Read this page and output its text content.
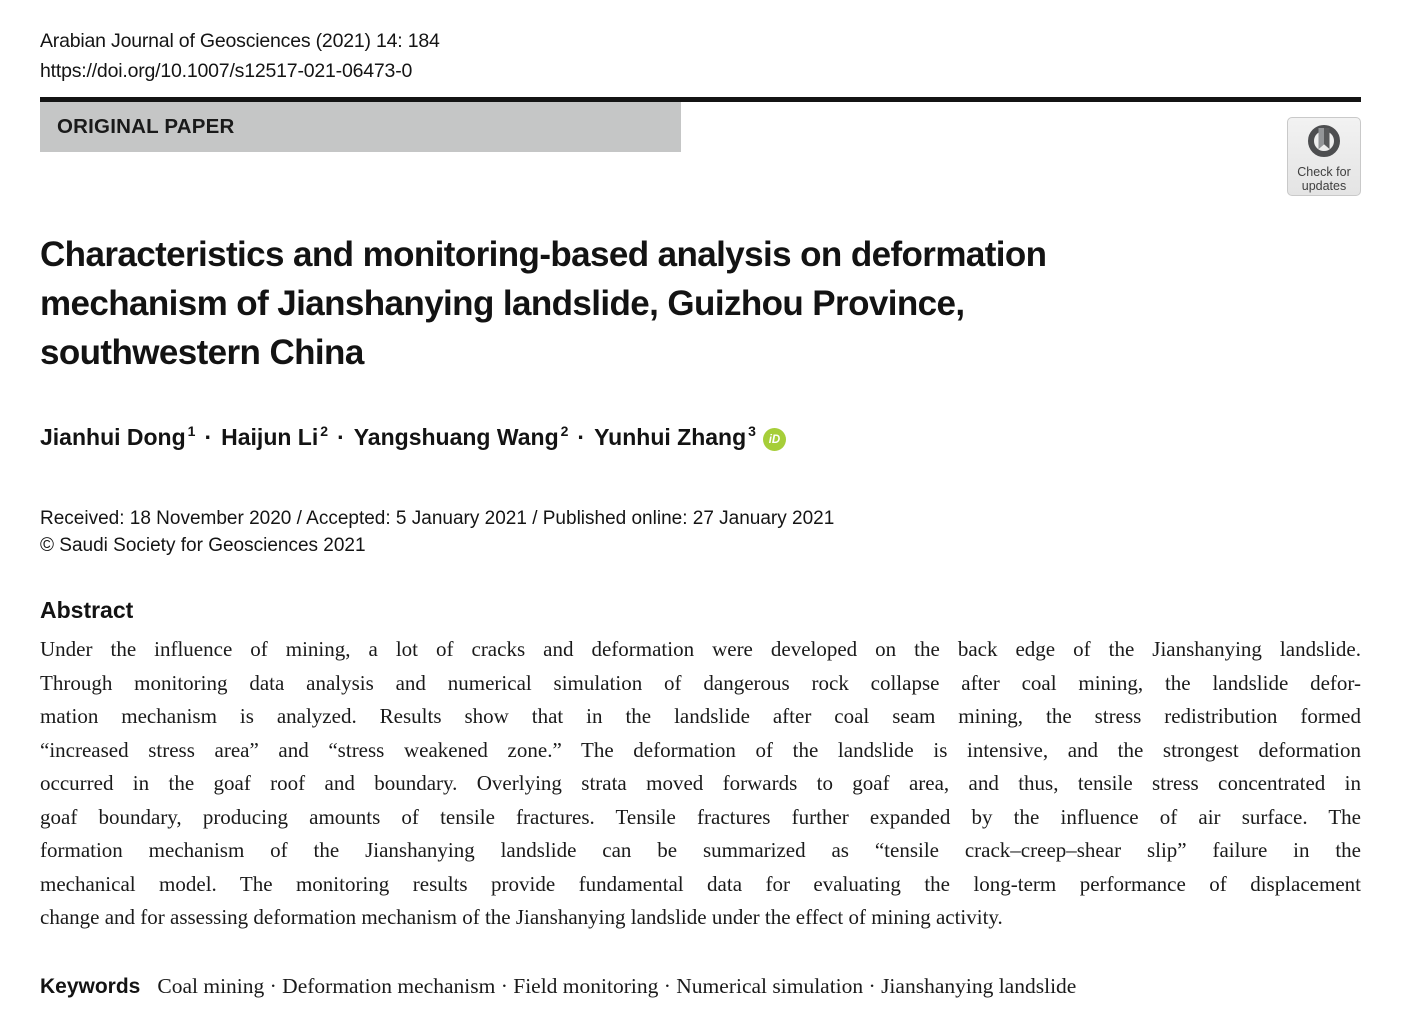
Arabian Journal of Geosciences (2021) 14: 184
https://doi.org/10.1007/s12517-021-06473-0
ORIGINAL PAPER
Check for
updates
Characteristics and monitoring-based analysis on deformation
mechanism of Jianshanying landslide, Guizhou Province,
southwestern China
Jianhui Dong $^1$ · Haijun Li $^2$ · Yangshuang Wang $^2$ · Yunhui Zhang $^3$
iD
Received: 18 November 2020 / Accepted: 5 January 2021 / Published online: 27 January 2021
© Saudi Society for Geosciences 2021
Abstract
Under the influence of mining, a lot of cracks and deformation were developed on the back edge of the Jianshanying landslide.
Through monitoring data analysis and numerical simulation of dangerous rock collapse after coal mining, the landslide defor-
mation mechanism is analyzed. Results show that in the landslide after coal seam mining, the stress redistribution formed
“increased stress area” and “stress weakened zone.” The deformation of the landslide is intensive, and the strongest deformation
occurred in the goaf roof and boundary. Overlying strata moved forwards to goaf area, and thus, tensile stress concentrated in
goaf boundary, producing amounts of tensile fractures. Tensile fractures further expanded by the influence of air surface. The
formation mechanism of the Jianshanying landslide can be summarized as “tensile crack–creep–shear slip” failure in the
mechanical model. The monitoring results provide fundamental data for evaluating the long-term performance of displacement
change and for assessing deformation mechanism of the Jianshanying landslide under the effect of mining activity.
Keywords Coal mining · Deformation mechanism · Field monitoring · Numerical simulation · Jianshanying landslide
